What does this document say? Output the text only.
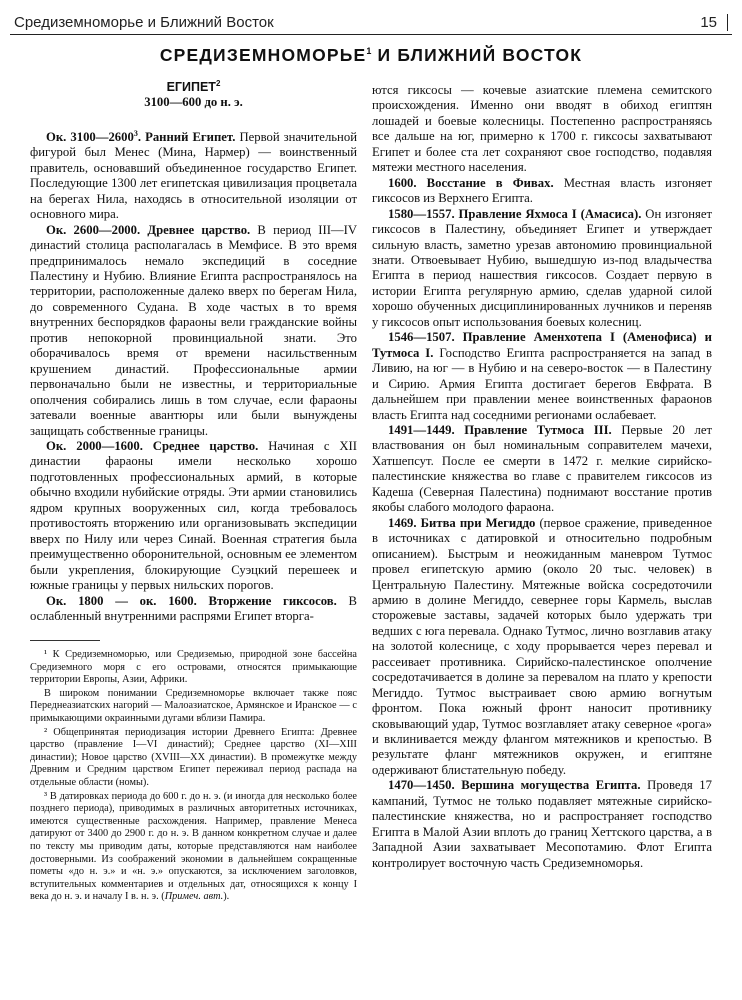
Средиземноморье и Ближний Восток	15
СРЕДИЗЕМНОМОРЬЕ$^1$ И БЛИЖНИЙ ВОСТОК

ЕГИПЕТ$^2$

3100—600 до н. э.

Ок. 3100—2600$^3$. Ранний Египет. Первой значительной фигурой был Менес (Мина, Нармер) — воинственный правитель, основавший объединенное государство Египет. Последующие 1300 лет египетская цивилизация процветала на берегах Нила, находясь в относительной изоляции от основного мира.

Ок. 2600—2000. Древнее царство. В период III—IV династий столица располагалась в Мемфисе. В это время предпринималось немало экспедиций в соседние Палестину и Нубию. Влияние Египта распространялось на территории, расположенные далеко вверх по берегам Нила, до современного Судана. В ходе частых в то время внутренних беспорядков фараоны вели гражданские войны против непокорной провинциальной знати. Это оборачивалось время от времени насильственным крушением династий. Профессиональные армии первоначально были не известны, и территориальные ополчения собирались лишь в том случае, если фараоны затевали военные авантюры или были вынуждены защищать собственные границы.

Ок. 2000—1600. Среднее царство. Начиная с XII династии фараоны имели несколько хорошо подготовленных профессиональных армий, в которые обычно входили нубийские отряды. Эти армии становились ядром крупных вооруженных сил, когда требовалось противостоять вторжению или организовывать экспедиции вверх по Нилу или через Синай. Военная стратегия была преимущественно оборонительной, основным ее элементом были укрепления, блокирующие Суэцкий перешеек и южные границы у первых нильских порогов.

Ок. 1800 — ок. 1600. Вторжение гиксосов. В ослабленный внутренними распрями Египет вторга-

¹ К Средиземноморью, или Средиземью, природной зоне бассейна Средиземного моря с его островами, относятся примыкающие территории Европы, Азии, Африки.

В широком понимании Средиземноморье включает также пояс Переднеазиатских нагорий — Малоазиатское, Армянское и Иранское — с примыкающими окраинными дугами вблизи Памира.

² Общепринятая периодизация истории Древнего Египта: Древнее царство (правление I—VI династий); Среднее царство (XI—XIII династии); Новое царство (XVIII—XX династии). В промежутке между Древним и Средним царством Египет переживал период распада на отдельные области (номы).

³ В датировках периода до 600 г. до н. э. (и иногда для несколько более позднего периода), приводимых в различных авторитетных источниках, имеются существенные расхождения. Например, правление Менеса датируют от 3400 до 2900 г. до н. э. В данном конкретном случае и далее по тексту мы приводим даты, которые представляются нам наиболее достоверными. Из соображений экономии в дальнейшем сокращенные пометы «до н. э.» и «н. э.» опускаются, за исключением заголовков, вступительных комментариев и отдельных дат, относящихся к концу I века до н. э. и началу I в. н. э. (Примеч. авт.).

ются гиксосы — кочевые азиатские племена семитского происхождения. Именно они вводят в обиход египтян лошадей и боевые колесницы. Постепенно распространяясь все дальше на юг, примерно к 1700 г. гиксосы захватывают Египет и более ста лет сохраняют свое господство, подавляя мятежи местного населения.

1600. Восстание в Фивах. Местная власть изгоняет гиксосов из Верхнего Египта.

1580—1557. Правление Яхмоса I (Амасиса). Он изгоняет гиксосов в Палестину, объединяет Египет и утверждает сильную власть, заметно урезав автономию провинциальной знати. Отвоевывает Нубию, вышедшую из-под владычества Египта в период нашествия гиксосов. Создает первую в истории Египта регулярную армию, сделав ударной силой хорошо обученных дисциплинированных лучников и переняв у гиксосов опыт использования боевых колесниц.

1546—1507. Правление Аменхотепа I (Аменофиса) и Тутмоса I. Господство Египта распространяется на запад в Ливию, на юг — в Нубию и на северо-восток — в Палестину и Сирию. Армия Египта достигает берегов Евфрата. В дальнейшем при правлении менее воинственных фараонов власть Египта над соседними регионами ослабевает.

1491—1449. Правление Тутмоса III. Первые 20 лет властвования он был номинальным соправителем мачехи, Хатшепсут. После ее смерти в 1472 г. мелкие сирийско-палестинские княжества во главе с правителем гиксосов из Кадеша (Северная Палестина) поднимают восстание против якобы слабого молодого фараона.

1469. Битва при Мегиддо (первое сражение, приведенное в источниках с датировкой и относительно подробным описанием). Быстрым и неожиданным маневром Тутмос провел египетскую армию (около 20 тыс. человек) в Центральную Палестину. Мятежные войска сосредоточили армию в долине Мегиддо, севернее горы Кармель, выслав сторожевые заставы, задачей которых было удержать три ведших с юга перевала. Однако Тутмос, лично возглавив атаку на золотой колеснице, с ходу прорывается через перевал и рассеивает противника. Сирийско-палестинское ополчение сосредотачивается в долине за перевалом на плато у крепости Мегиддо. Тутмос выстраивает свою армию вогнутым фронтом. Пока южный фронт наносит противнику сковывающий удар, Тутмос возглавляет атаку северное «рога» и вклинивается между флангом мятежников и крепостью. В результате фланг мятежников окружен, и египтяне одерживают блистательную победу.

1470—1450. Вершина могущества Египта. Проведя 17 кампаний, Тутмос не только подавляет мятежные сирийско-палестинские княжества, но и распространяет господство Египта в Малой Азии вплоть до границ Хеттского царства, а в Западной Азии захватывает Месопотамию. Флот Египта контролирует восточную часть Средиземноморья.
